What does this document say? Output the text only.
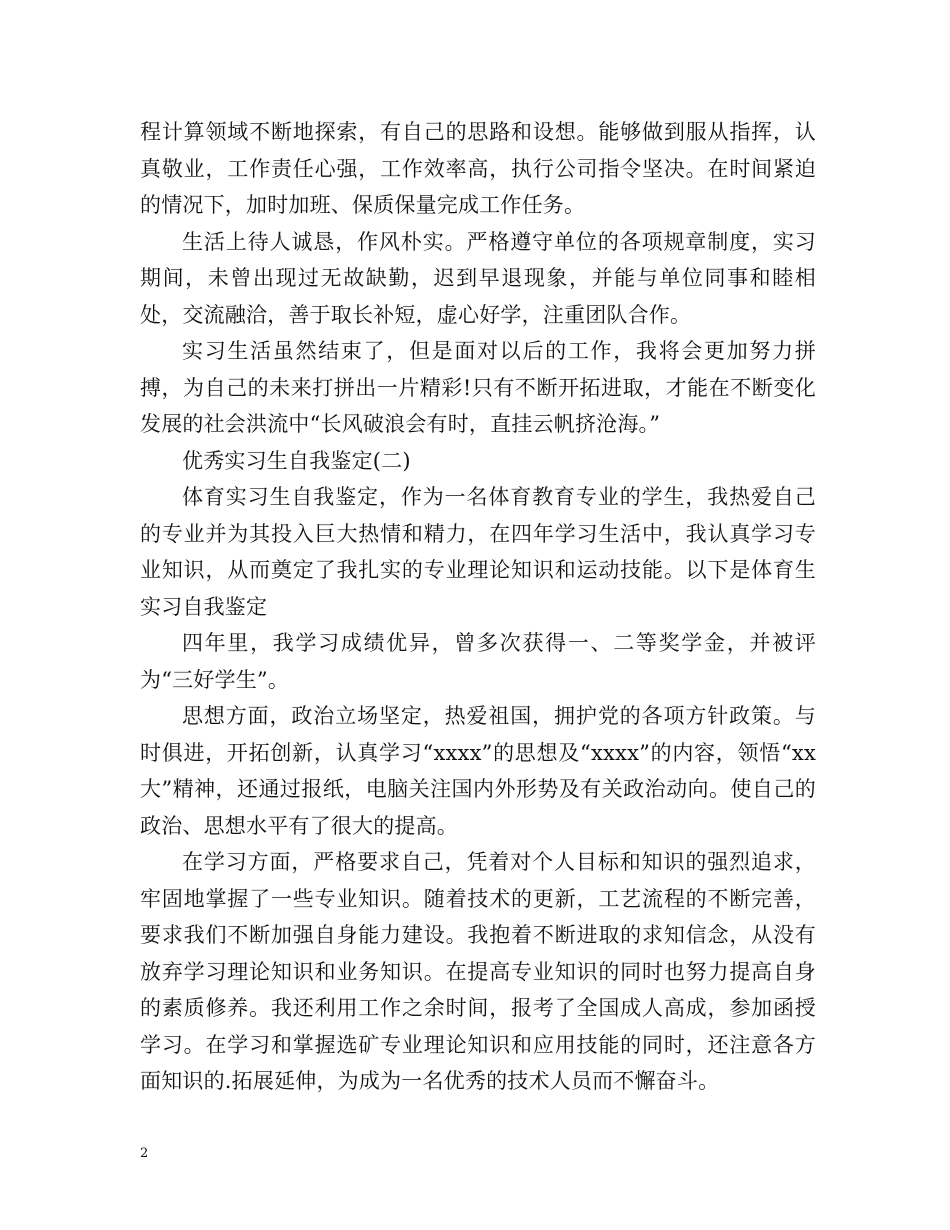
程计算领域不断地探索，有自己的思路和设想。能够做到服从指挥，认真敬业，工作责任心强，工作效率高，执行公司指令坚决。在时间紧迫的情况下，加时加班、保质保量完成工作任务。

生活上待人诚恳，作风朴实。严格遵守单位的各项规章制度，实习期间，未曾出现过无故缺勤，迟到早退现象，并能与单位同事和睦相处，交流融洽，善于取长补短，虚心好学，注重团队合作。

实习生活虽然结束了，但是面对以后的工作，我将会更加努力拼搏，为自己的未来打拼出一片精彩!只有不断开拓进取，才能在不断变化发展的社会洪流中“长风破浪会有时，直挂云帆挤沧海。”

优秀实习生自我鉴定(二)

体育实习生自我鉴定，作为一名体育教育专业的学生，我热爱自己的专业并为其投入巨大热情和精力，在四年学习生活中，我认真学习专业知识，从而奠定了我扎实的专业理论知识和运动技能。以下是体育生实习自我鉴定

四年里，我学习成绩优异，曾多次获得一、二等奖学金，并被评为“三好学生”。

思想方面，政治立场坚定，热爱祖国，拥护党的各项方针政策。与时俱进，开拓创新，认真学习“xxxx”的思想及“xxxx”的内容，领悟“xx大”精神，还通过报纸，电脑关注国内外形势及有关政治动向。使自己的政治、思想水平有了很大的提高。

在学习方面，严格要求自己，凭着对个人目标和知识的强烈追求，牢固地掌握了一些专业知识。随着技术的更新，工艺流程的不断完善，要求我们不断加强自身能力建设。我抱着不断进取的求知信念，从没有放弃学习理论知识和业务知识。在提高专业知识的同时也努力提高自身的素质修养。我还利用工作之余时间，报考了全国成人高成，参加函授学习。在学习和掌握选矿专业理论知识和应用技能的同时，还注意各方面知识的.拓展延伸，为成为一名优秀的技术人员而不懈奋斗。

2
